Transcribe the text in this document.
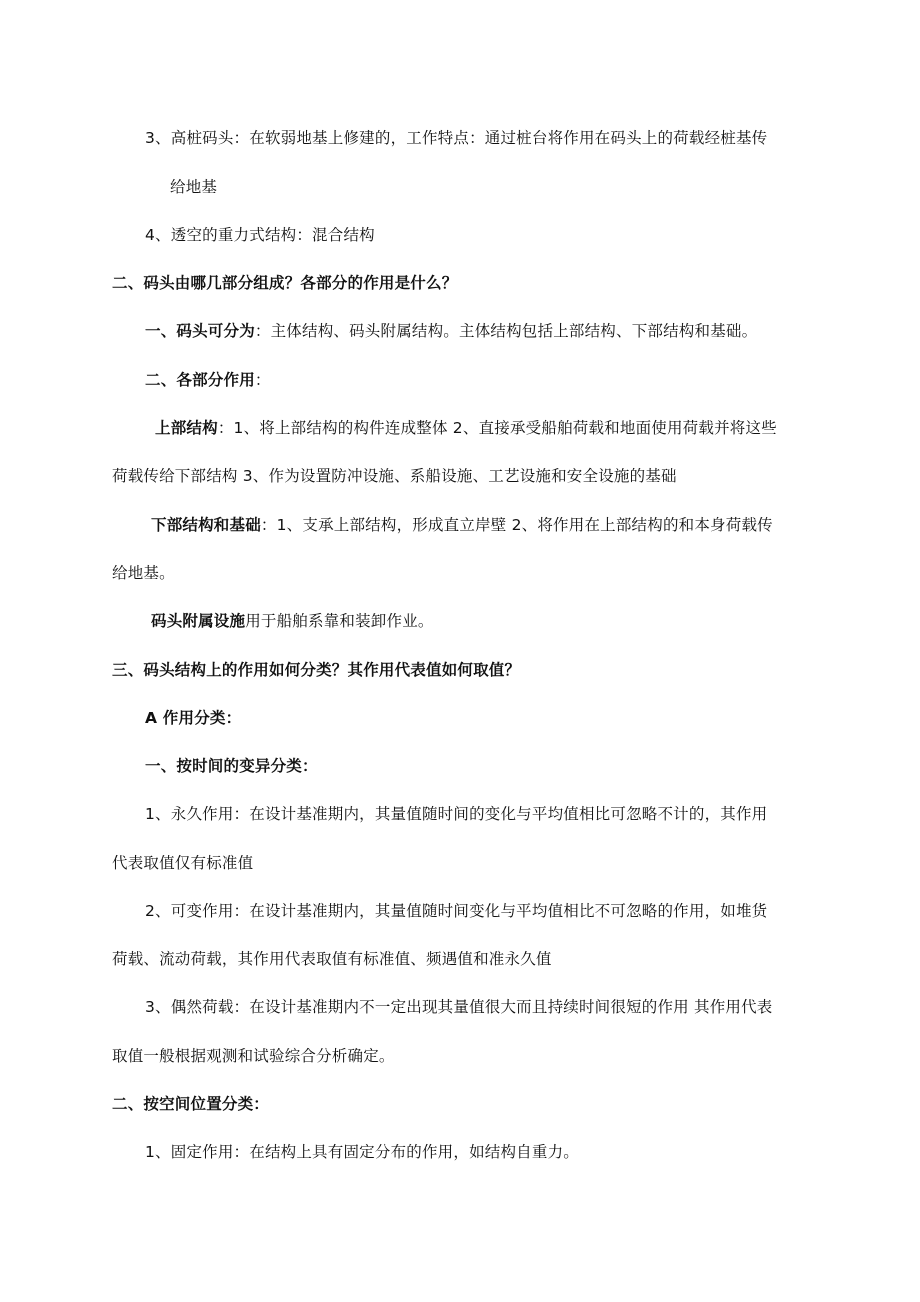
3、高桩码头：在软弱地基上修建的，工作特点：通过桩台将作用在码头上的荷载经桩基传
给地基
4、透空的重力式结构：混合结构
二、码头由哪几部分组成？各部分的作用是什么？
一、码头可分为：主体结构、码头附属结构。主体结构包括上部结构、下部结构和基础。
二、各部分作用：
上部结构：1、将上部结构的构件连成整体 2、直接承受船舶荷载和地面使用荷载并将这些
荷载传给下部结构 3、作为设置防冲设施、系船设施、工艺设施和安全设施的基础
下部结构和基础：1、支承上部结构，形成直立岸壁 2、将作用在上部结构的和本身荷载传
给地基。
码头附属设施用于船舶系靠和装卸作业。
三、码头结构上的作用如何分类？其作用代表值如何取值？
A 作用分类：
一、按时间的变异分类：
1、永久作用：在设计基准期内，其量值随时间的变化与平均值相比可忽略不计的，其作用
代表取值仅有标准值
2、可变作用：在设计基准期内，其量值随时间变化与平均值相比不可忽略的作用，如堆货
荷载、流动荷载，其作用代表取值有标准值、频遇值和准永久值
3、偶然荷载：在设计基准期内不一定出现其量值很大而且持续时间很短的作用 其作用代表
取值一般根据观测和试验综合分析确定。
二、按空间位置分类：
1、固定作用：在结构上具有固定分布的作用，如结构自重力。
